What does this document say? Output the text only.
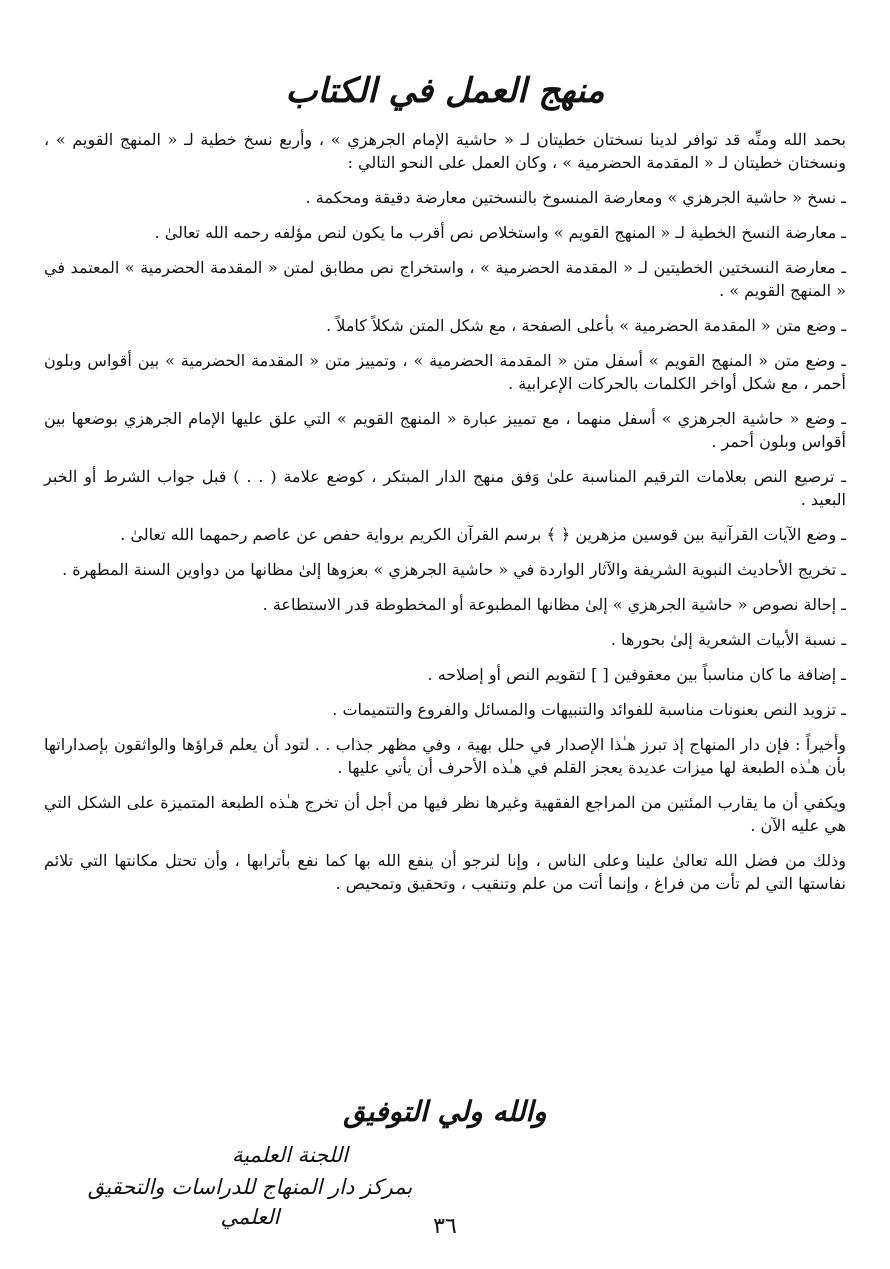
منهج العمل في الكتاب

بحمد الله ومنِّه قد توافر لدينا نسختان خطيتان لـ « حاشية الإمام الجرهزي » ، وأربع نسخ خطية لـ « المنهج القويم » ، ونسختان خطيتان لـ « المقدمة الحضرمية » ، وكان العمل على النحو التالي :

ـ نسخ « حاشية الجرهزي » ومعارضة المنسوخ بالنسختين معارضة دقيقة ومحكمة .

ـ معارضة النسخ الخطية لـ « المنهج القويم » واستخلاص نص أقرب ما يكون لنص مؤلفه رحمه الله تعالىٰ .

ـ معارضة النسختين الخطيتين لـ « المقدمة الحضرمية » ، واستخراج نص مطابق لمتن « المقدمة الحضرمية » المعتمد في « المنهج القويم » .

ـ وضع متن « المقدمة الحضرمية » بأعلى الصفحة ، مع شكل المتن شكلاً كاملاً .

ـ وضع متن « المنهج القويم » أسفل متن « المقدمة الحضرمية » ، وتمييز متن « المقدمة الحضرمية » بين أقواس وبلون أحمر ، مع شكل أواخر الكلمات بالحركات الإعرابية .

ـ وضع « حاشية الجرهزي » أسفل منهما ، مع تمييز عبارة « المنهج القويم » التي علق عليها الإمام الجرهزي بوضعها بين أقواس وبلون أحمر .

ـ ترصيع النص بعلامات الترقيم المناسبة علىٰ وَفق منهج الدار المبتكر ، كوضع علامة ( . . ) قبل جواب الشرط أو الخبر البعيد .

ـ وضع الآيات القرآنية بين قوسين مزهرين ﴿ ﴾ برسم القرآن الكريم برواية حفص عن عاصم رحمهما الله تعالىٰ .

ـ تخريج الأحاديث النبوية الشريفة والآثار الواردة في « حاشية الجرهزي » بعزوها إلىٰ مظانها من دواوين السنة المطهرة .

ـ إحالة نصوص « حاشية الجرهزي » إلىٰ مظانها المطبوعة أو المخطوطة قدر الاستطاعة .

ـ نسبة الأبيات الشعرية إلىٰ بحورها .

ـ إضافة ما كان مناسباً بين معقوفين [ ] لتقويم النص أو إصلاحه .

ـ تزويد النص بعنونات مناسبة للفوائد والتنبيهات والمسائل والفروع والتتميمات .

وأخيراً : فإن دار المنهاج إذ تبرز هـٰذا الإصدار في حلل بهية ، وفي مظهر جذاب . . لتود أن يعلم قراؤها والواثقون بإصداراتها بأن هـٰذه الطبعة لها ميزات عديدة يعجز القلم في هـٰذه الأحرف أن يأتي عليها .

ويكفي أن ما يقارب المئتين من المراجع الفقهية وغيرها نظر فيها من أجل أن تخرج هـٰذه الطبعة المتميزة على الشكل التي هي عليه الآن .

وذلك من فضل الله تعالىٰ علينا وعلى الناس ، وإنا لنرجو أن ينفع الله بها كما نفع بأترابها ، وأن تحتل مكانتها التي تلائم نفاستها التي لم تأت من فراغ ، وإنما أتت من علم وتنقيب ، وتحقيق وتمحيص .

والله ولي التوفيق
اللجنة العلمية
بمركز دار المنهاج للدراسات والتحقيق العلمي	٣٦
